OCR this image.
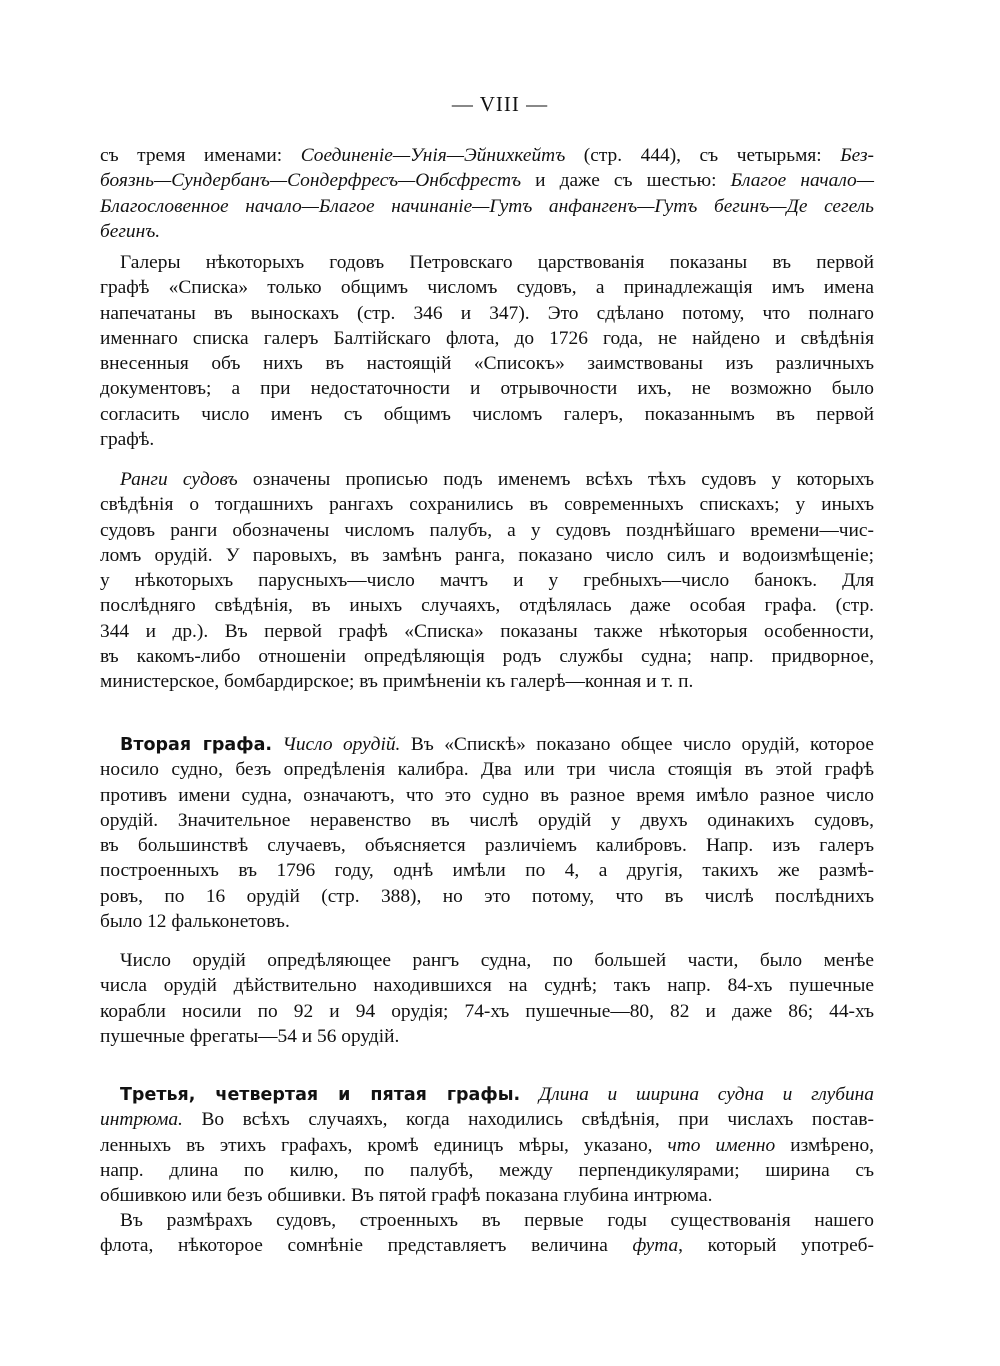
— VIII —
съ тремя именами: Соединеніе—Унія—Эйнихкейтъ (стр. 444), съ четырьмя: Без-
боязнь—Сундербанъ—Сондерфресъ—Онбсфрестъ и даже съ шестью: Благое начало—
Благословенное начало—Благое начинаніе—Гутъ анфангенъ—Гутъ бегинъ—Де сегель
бегинъ.
Галеры нѣкоторыхъ годовъ Петровскаго царствованія показаны въ первой
графѣ «Списка» только общимъ числомъ судовъ, а принадлежащія имъ имена
напечатаны въ выноскахъ (стр. 346 и 347). Это сдѣлано потому, что полнаго
именнаго списка галеръ Балтійскаго флота, до 1726 года, не найдено и свѣдѣнія
внесенныя объ нихъ въ настоящій «Списокъ» заимствованы изъ различныхъ
документовъ; а при недостаточности и отрывочности ихъ, не возможно было
согласить число именъ съ общимъ числомъ галеръ, показаннымъ въ первой
графѣ.
Ранги судовъ означены прописью подъ именемъ всѣхъ тѣхъ судовъ у которыхъ
свѣдѣнія о тогдашнихъ рангахъ сохранились въ современныхъ спискахъ; у иныхъ
судовъ ранги обозначены числомъ палубъ, а у судовъ позднѣйшаго времени—чис-
ломъ орудій. У паровыхъ, въ замѣнъ ранга, показано число силъ и водоизмѣщеніе;
у нѣкоторыхъ парусныхъ—число мачтъ и у гребныхъ—число банокъ. Для
послѣдняго свѣдѣнія, въ иныхъ случаяхъ, отдѣлялась даже особая графа. (стр.
344 и др.). Въ первой графѣ «Списка» показаны также нѣкоторыя особенности,
въ какомъ-либо отношеніи опредѣляющія родъ службы судна; напр. придворное,
министерское, бомбардирское; въ примѣненіи къ галерѣ—конная и т. п.
Вторая графа. Число орудій. Въ «Спискѣ» показано общее число орудій, которое
носило судно, безъ опредѣленія калибра. Два или три числа стоящія въ этой графѣ
противъ имени судна, означаютъ, что это судно въ разное время имѣло разное число
орудій. Значительное неравенство въ числѣ орудій у двухъ одинакихъ судовъ,
въ большинствѣ случаевъ, объясняется различіемъ калибровъ. Напр. изъ галеръ
построенныхъ въ 1796 году, однѣ имѣли по 4, а другія, такихъ же размѣ-
ровъ, по 16 орудій (стр. 388), но это потому, что въ числѣ послѣднихъ
было 12 фальконетовъ.
Число орудій опредѣляющее рангъ судна, по большей части, было менѣе
числа орудій дѣйствительно находившихся на суднѣ; такъ напр. 84-хъ пушечные
корабли носили по 92 и 94 орудія; 74-хъ пушечные—80, 82 и даже 86; 44-хъ
пушечные фрегаты—54 и 56 орудій.
Третья, четвертая и пятая графы. Длина и ширина судна и глубина
интрюма. Во всѣхъ случаяхъ, когда находились свѣдѣнія, при числахъ постав-
ленныхъ въ этихъ графахъ, кромѣ единицъ мѣры, указано, что именно измѣрено,
напр. длина по килю, по палубѣ, между перпендикулярами; ширина съ
обшивкою или безъ обшивки. Въ пятой графѣ показана глубина интрюма.
Въ размѣрахъ судовъ, строенныхъ въ первые годы существованія нашего
флота, нѣкоторое сомнѣніе представляетъ величина фута, который употреб-
